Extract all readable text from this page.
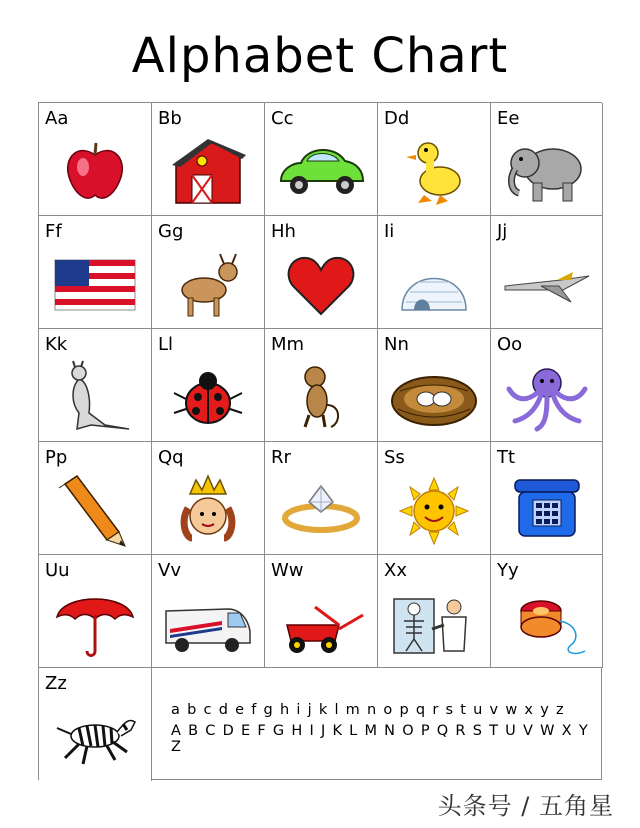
Alphabet Chart
Aa	Bb	Cc	Dd	Ee
Ff	Gg	Hh	Ii	Jj
Kk	Ll	Mm	Nn	Oo
Pp	Qq	Rr	Ss	Tt
Uu	Vv	Ww	Xx	Yy
Zz
a b c d e f g h i j k l m n o p q r s t u v w x y z
A B C D E F G H I J K L M N O P Q R S T U V W X Y Z
头条号 / 五角星
